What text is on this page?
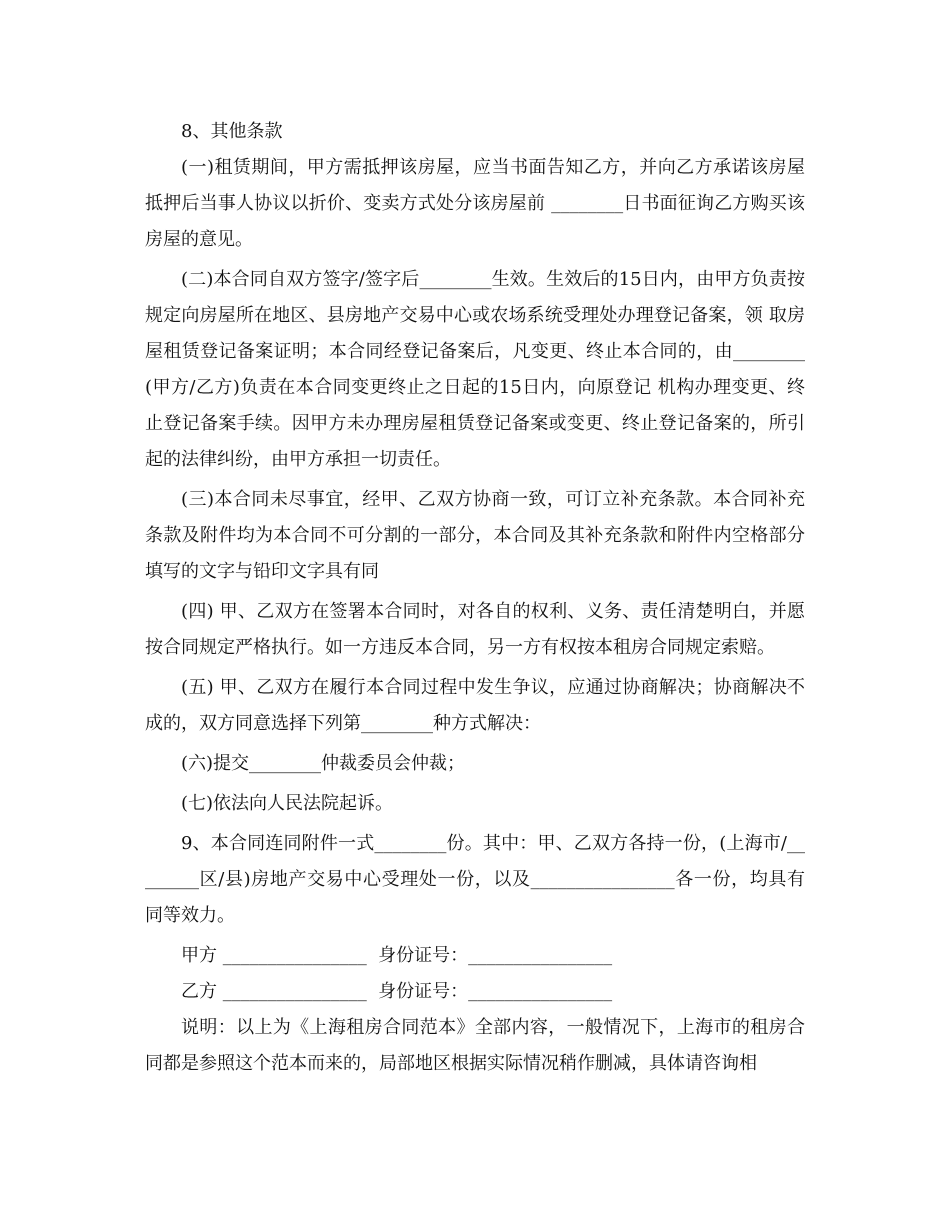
8、其他条款

(一)租赁期间，甲方需抵押该房屋，应当书面告知乙方，并向乙方承诺该房屋抵押后当事人协议以折价、变卖方式处分该房屋前 ________日书面征询乙方购买该房屋的意见。

(二)本合同自双方签字/签字后________生效。生效后的15日内，由甲方负责按规定向房屋所在地区、县房地产交易中心或农场系统受理处办理登记备案，领 取房屋租赁登记备案证明；本合同经登记备案后，凡变更、终止本合同的，由________(甲方/乙方)负责在本合同变更终止之日起的15日内，向原登记 机构办理变更、终止登记备案手续。因甲方未办理房屋租赁登记备案或变更、终止登记备案的，所引起的法律纠纷，由甲方承担一切责任。

(三)本合同未尽事宜，经甲、乙双方协商一致，可订立补充条款。本合同补充条款及附件均为本合同不可分割的一部分，本合同及其补充条款和附件内空格部分填写的文字与铅印文字具有同

(四) 甲、乙双方在签署本合同时，对各自的权利、义务、责任清楚明白，并愿按合同规定严格执行。如一方违反本合同，另一方有权按本租房合同规定索赔。

(五) 甲、乙双方在履行本合同过程中发生争议，应通过协商解决；协商解决不成的，双方同意选择下列第________种方式解决：

(六)提交________仲裁委员会仲裁；

(七)依法向人民法院起诉。

9、本合同连同附件一式________份。其中：甲、乙双方各持一份，(上海市/________区/县)房地产交易中心受理处一份，以及________________各一份，均具有同等效力。

甲方 ________________  身份证号：________________
乙方 ________________  身份证号：________________

说明：以上为《上海租房合同范本》全部内容，一般情况下，上海市的租房合同都是参照这个范本而来的，局部地区根据实际情况稍作删减，具体请咨询相
